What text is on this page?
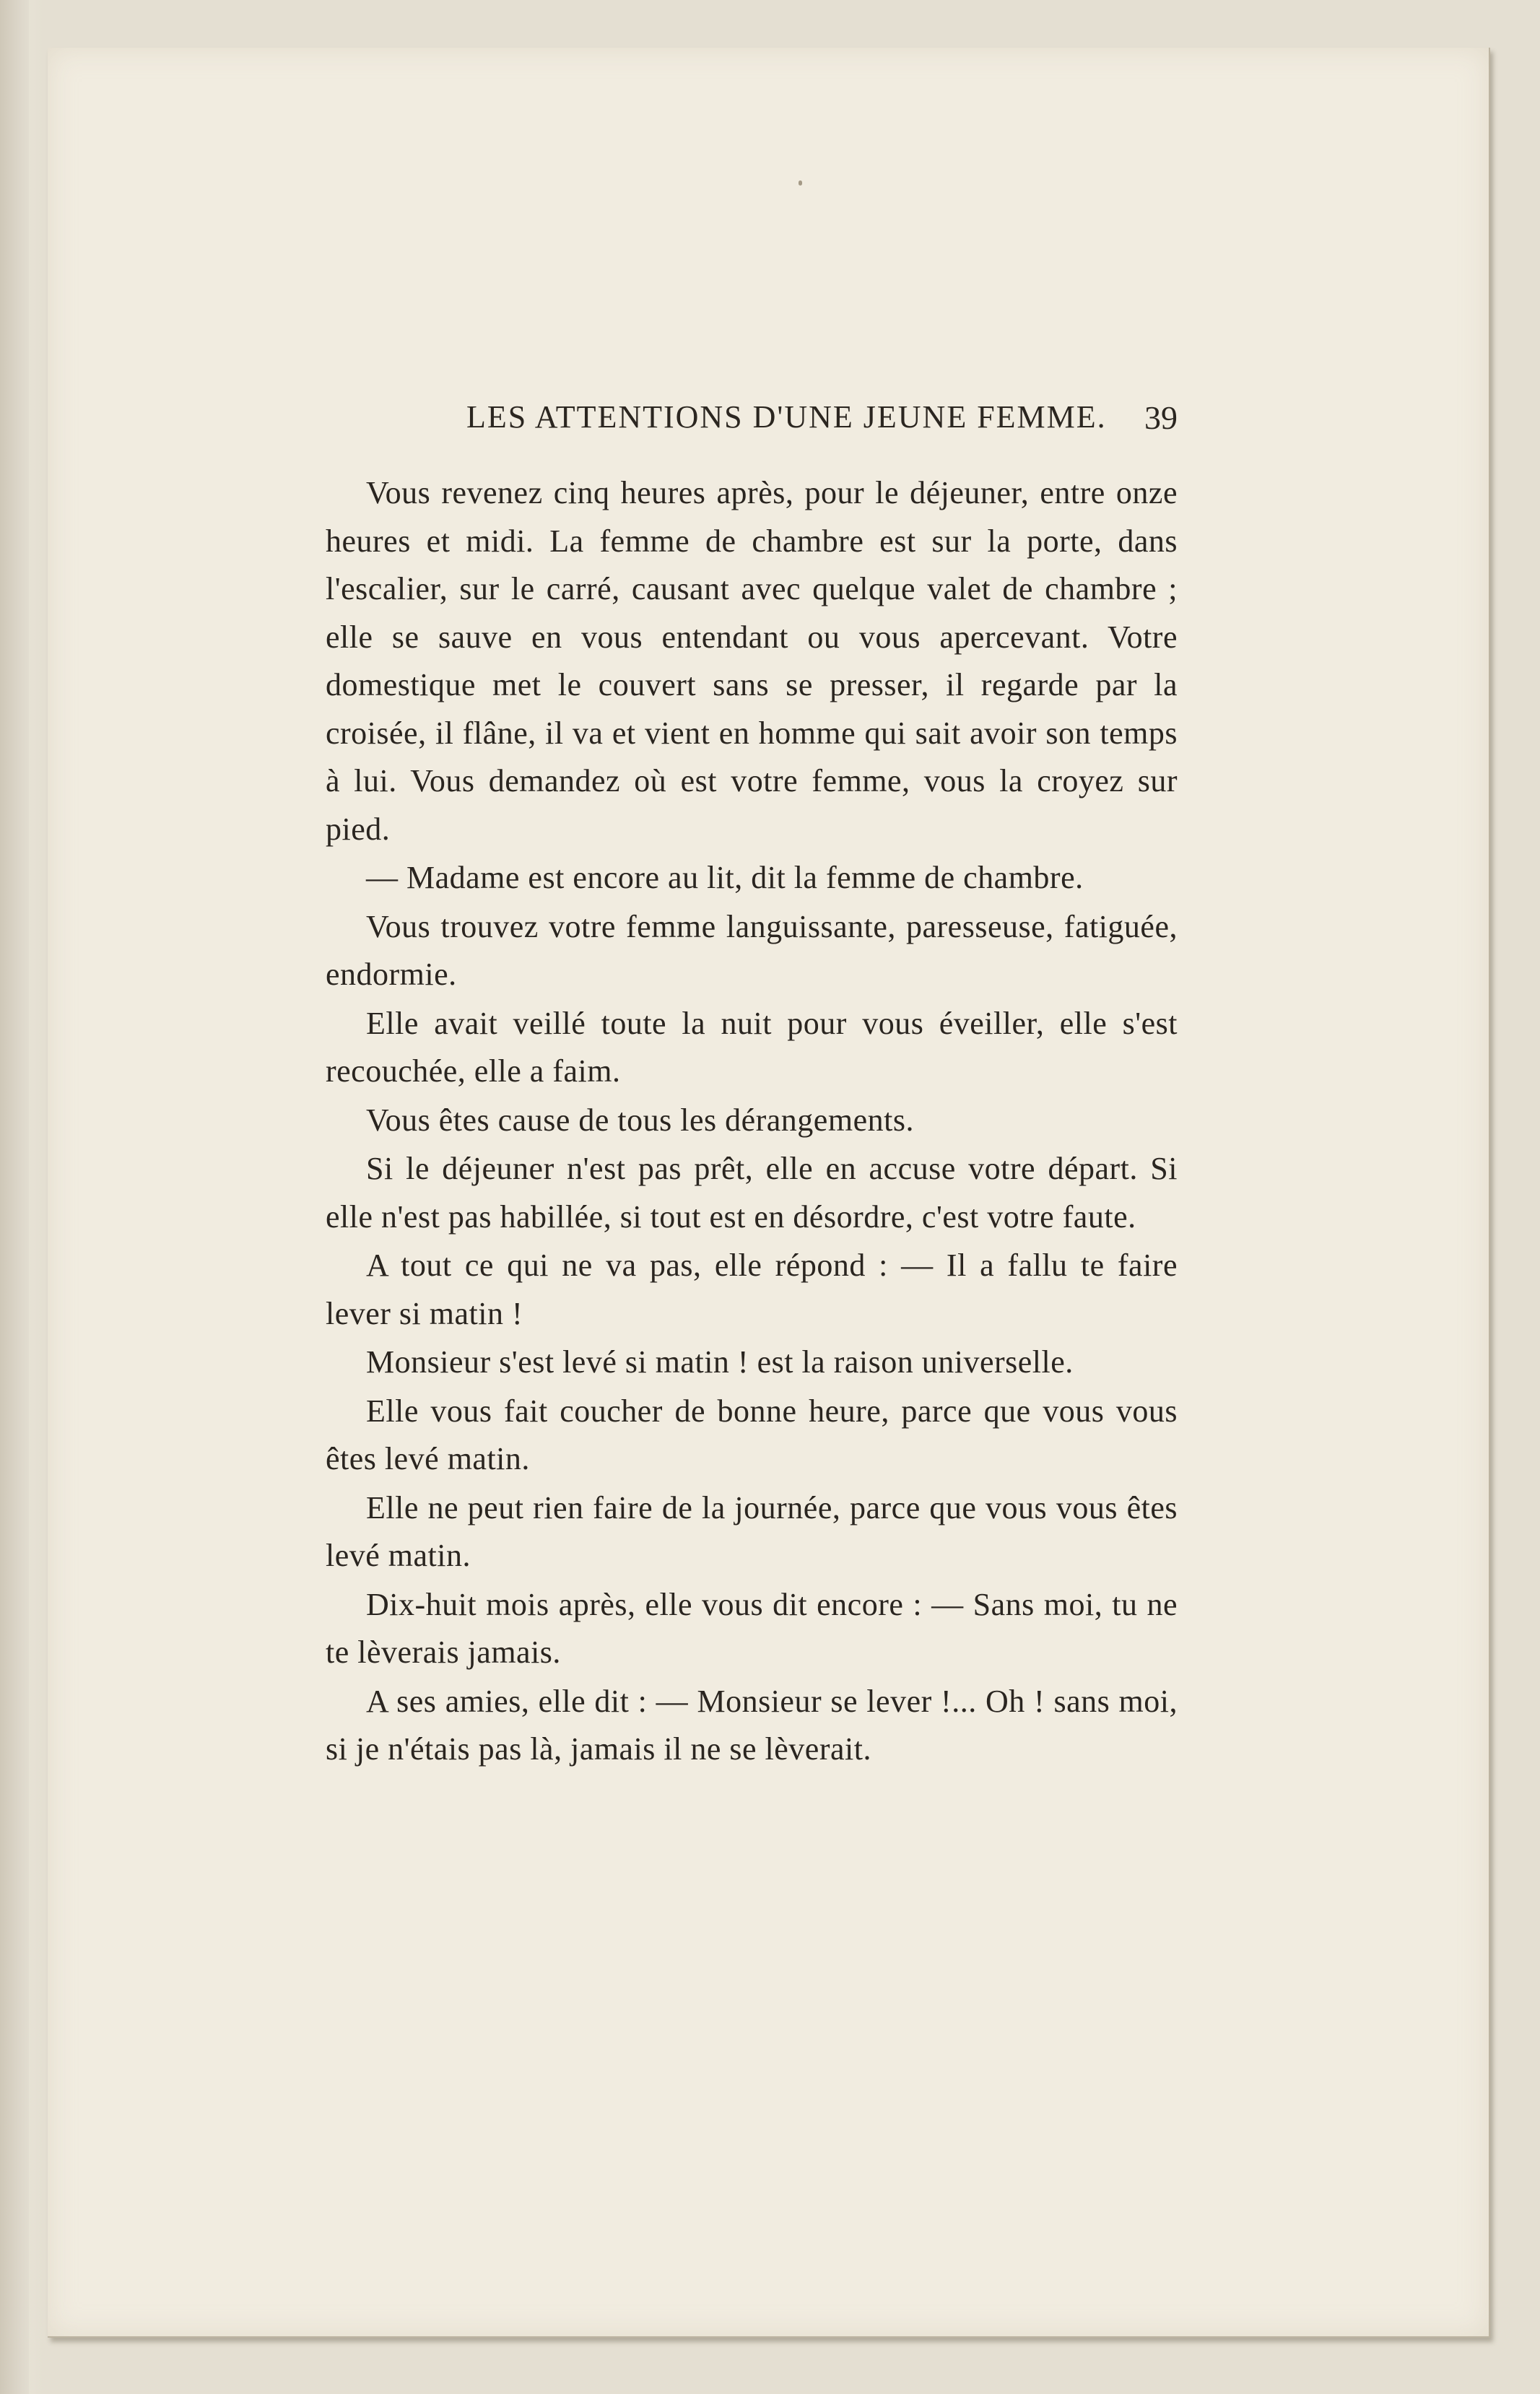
LES ATTENTIONS D'UNE JEUNE FEMME. 39

Vous revenez cinq heures après, pour le déjeuner, entre onze heures et midi. La femme de chambre est sur la porte, dans l'escalier, sur le carré, causant avec quelque valet de chambre ; elle se sauve en vous entendant ou vous apercevant. Votre domestique met le couvert sans se presser, il regarde par la croisée, il flâne, il va et vient en homme qui sait avoir son temps à lui. Vous demandez où est votre femme, vous la croyez sur pied.

— Madame est encore au lit, dit la femme de chambre.

Vous trouvez votre femme languissante, paresseuse, fatiguée, endormie.

Elle avait veillé toute la nuit pour vous éveiller, elle s'est recouchée, elle a faim.

Vous êtes cause de tous les dérangements.

Si le déjeuner n'est pas prêt, elle en accuse votre départ. Si elle n'est pas habillée, si tout est en désordre, c'est votre faute.

A tout ce qui ne va pas, elle répond : — Il a fallu te faire lever si matin !

Monsieur s'est levé si matin ! est la raison universelle.

Elle vous fait coucher de bonne heure, parce que vous vous êtes levé matin.

Elle ne peut rien faire de la journée, parce que vous vous êtes levé matin.

Dix-huit mois après, elle vous dit encore : — Sans moi, tu ne te lèverais jamais.

A ses amies, elle dit : — Monsieur se lever !... Oh ! sans moi, si je n'étais pas là, jamais il ne se lèverait.
